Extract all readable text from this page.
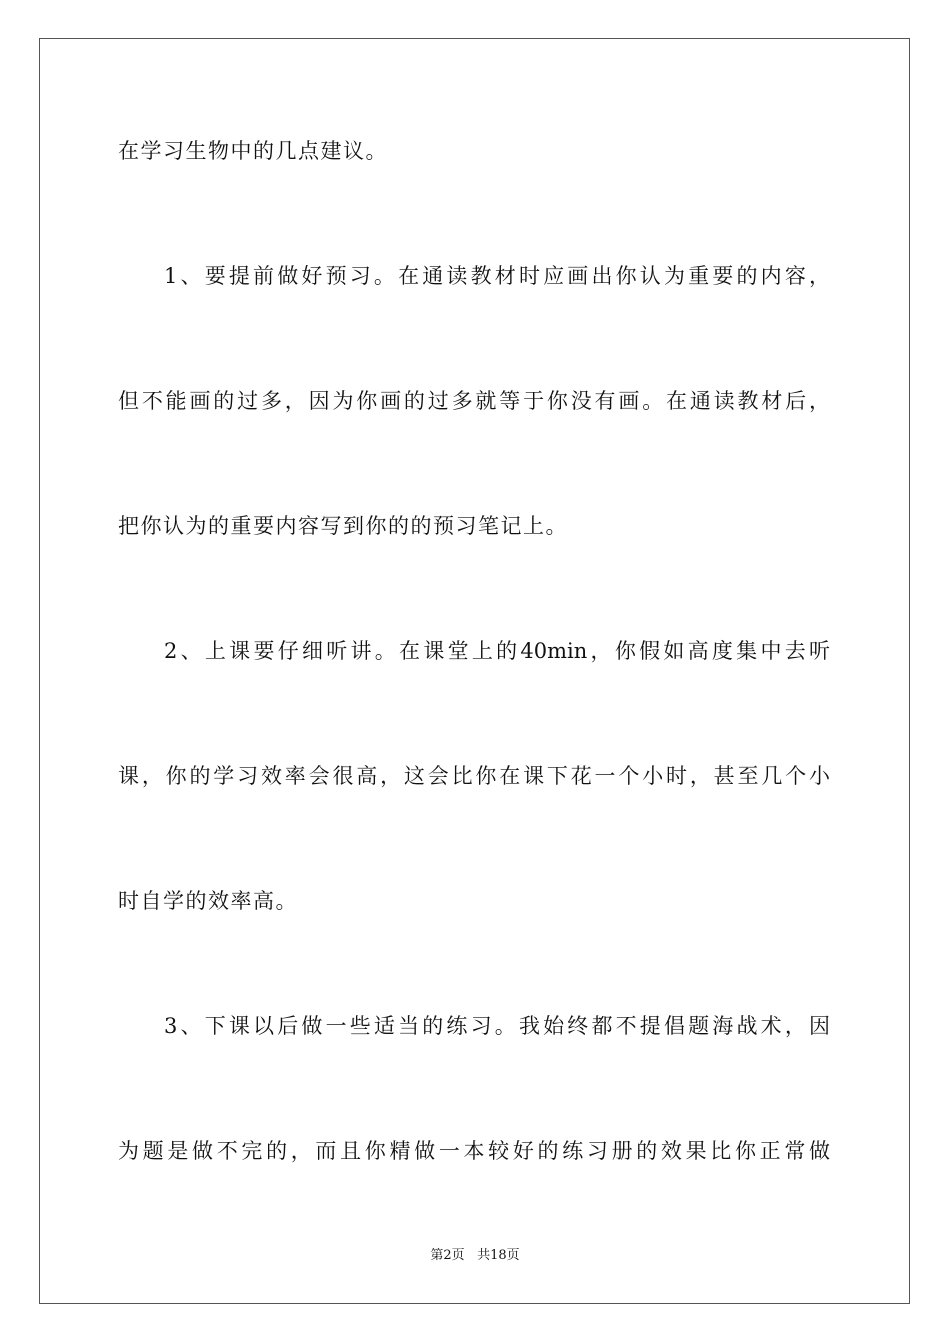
在学习生物中的几点建议。
1、要提前做好预习。在通读教材时应画出你认为重要的内容，
但不能画的过多，因为你画的过多就等于你没有画。在通读教材后，
把你认为的重要内容写到你的的预习笔记上。
2、上课要仔细听讲。在课堂上的40min，你假如高度集中去听
课，你的学习效率会很高，这会比你在课下花一个小时，甚至几个小
时自学的效率高。
3、下课以后做一些适当的练习。我始终都不提倡题海战术，因
为题是做不完的，而且你精做一本较好的练习册的效果比你正常做
第2页 共18页
